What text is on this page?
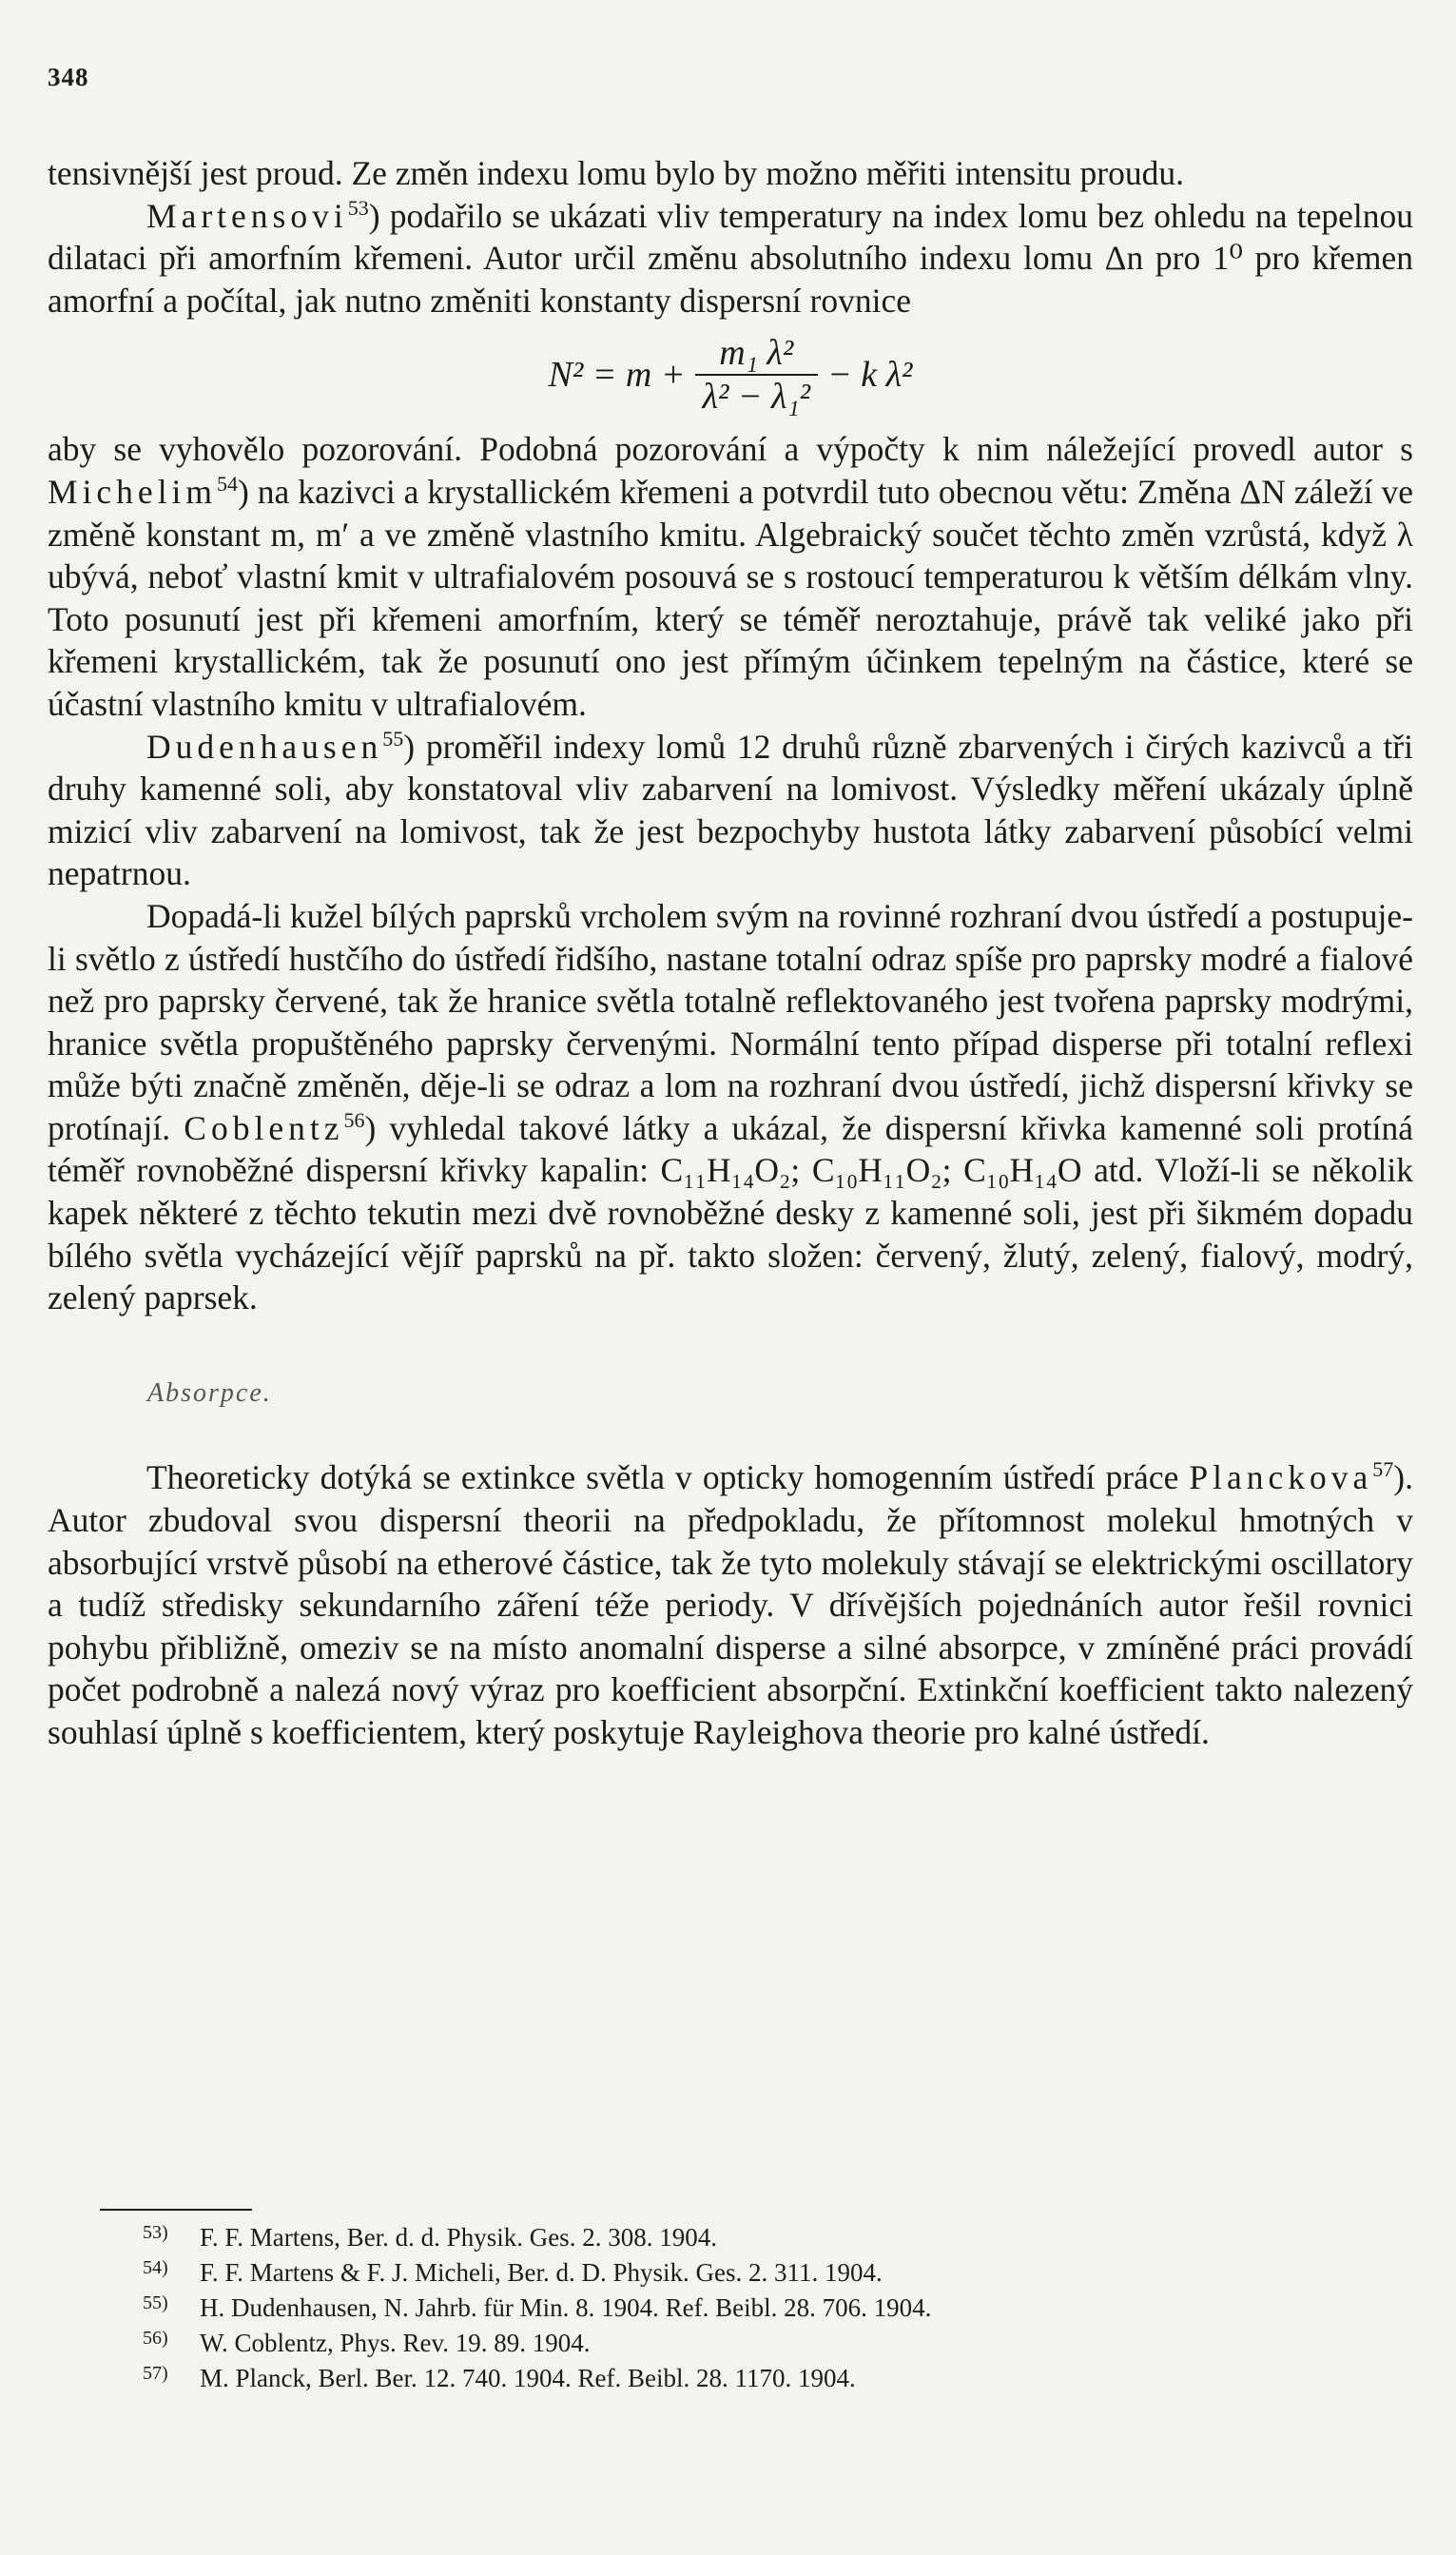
348

tensivnější jest proud. Ze změn indexu lomu bylo by možno měřiti intensitu proudu.

Martensovi$^{53}$) podařilo se ukázati vliv temperatury na index lomu bez ohledu na tepelnou dilataci při amorfním křemeni. Autor určil změnu absolutního indexu lomu Δn pro 1⁰ pro křemen amorfní a počítal, jak nutno změniti konstanty dispersní rovnice

$N^2 = m + \frac{\text{m₁ λ²}}{\text{λ² − λ₁²}} - k$ λ²

aby se vyhovělo pozorování. Podobná pozorování a výpočty k nim náležející provedl autor s Michelim$^{54}$) na kazivci a krystallickém křemeni a potvrdil tuto obecnou větu: Změna ΔN záleží ve změně konstant m, m′ a ve změně vlastního kmitu. Algebraický součet těchto změn vzrůstá, když λ ubývá, neboť vlastní kmit v ultrafialovém posouvá se s rostoucí temperaturou k větším délkám vlny. Toto posunutí jest při křemeni amorfním, který se téměř neroztahuje, právě tak veliké jako při křemeni krystallickém, tak že posunutí ono jest přímým účinkem tepelným na částice, které se účastní vlastního kmitu v ultrafialovém.

Dudenhausen$^{55}$) proměřil indexy lomů 12 druhů různě zbarvených i čirých kazivců a tři druhy kamenné soli, aby konstatoval vliv zabarvení na lomivost. Výsledky měření ukázaly úplně mizicí vliv zabarvení na lomivost, tak že jest bezpochyby hustota látky zabarvení působící velmi nepatrnou.

Dopadá-li kužel bílých paprsků vrcholem svým na rovinné rozhraní dvou ústředí a postupuje-li světlo z ústředí hustčího do ústředí řidšího, nastane totalní odraz spíše pro paprsky modré a fialové než pro paprsky červené, tak že hranice světla totalně reflektovaného jest tvořena paprsky modrými, hranice světla propuštěného paprsky červenými. Normální tento případ disperse při totalní reflexi může býti značně změněn, děje-li se odraz a lom na rozhraní dvou ústředí, jichž dispersní křivky se protínají. Coblentz$^{56}$) vyhledal takové látky a ukázal, že dispersní křivka kamenné soli protíná téměř rovnoběžné dispersní křivky kapalin: C₁₁H₁₄O₂; C₁₀H₁₁O₂; C₁₀H₁₄O atd. Vloží-li se několik kapek některé z těchto tekutin mezi dvě rovnoběžné desky z kamenné soli, jest při šikmém dopadu bílého světla vycházející vějíř paprsků na př. takto složen: červený, žlutý, zelený, fialový, modrý, zelený paprsek.

Absorpce.

Theoreticky dotýká se extinkce světla v opticky homogenním ústředí práce Planckova$^{57}$). Autor zbudoval svou dispersní theorii na předpokladu, že přítomnost molekul hmotných v absorbující vrstvě působí na etherové částice, tak že tyto molekuly stávají se elektrickými oscillatory a tudíž středisky sekundarního záření téže periody. V dřívějších pojednáních autor řešil rovnici pohybu přibližně, omeziv se na místo anomalní disperse a silné absorpce, v zmíněné práci provádí počet podrobně a nalezá nový výraz pro koefficient absorpční. Extinkční koefficient takto nalezený souhlasí úplně s koefficientem, který poskytuje Rayleighova theorie pro kalné ústředí.

53)	F. F. Martens, Ber. d. d. Physik. Ges. 2. 308. 1904.
54)	F. F. Martens & F. J. Micheli, Ber. d. D. Physik. Ges. 2. 311. 1904.
55)	H. Dudenhausen, N. Jahrb. für Min. 8. 1904. Ref. Beibl. 28. 706. 1904.
56)	W. Coblentz, Phys. Rev. 19. 89. 1904.
57)	M. Planck, Berl. Ber. 12. 740. 1904. Ref. Beibl. 28. 1170. 1904.
